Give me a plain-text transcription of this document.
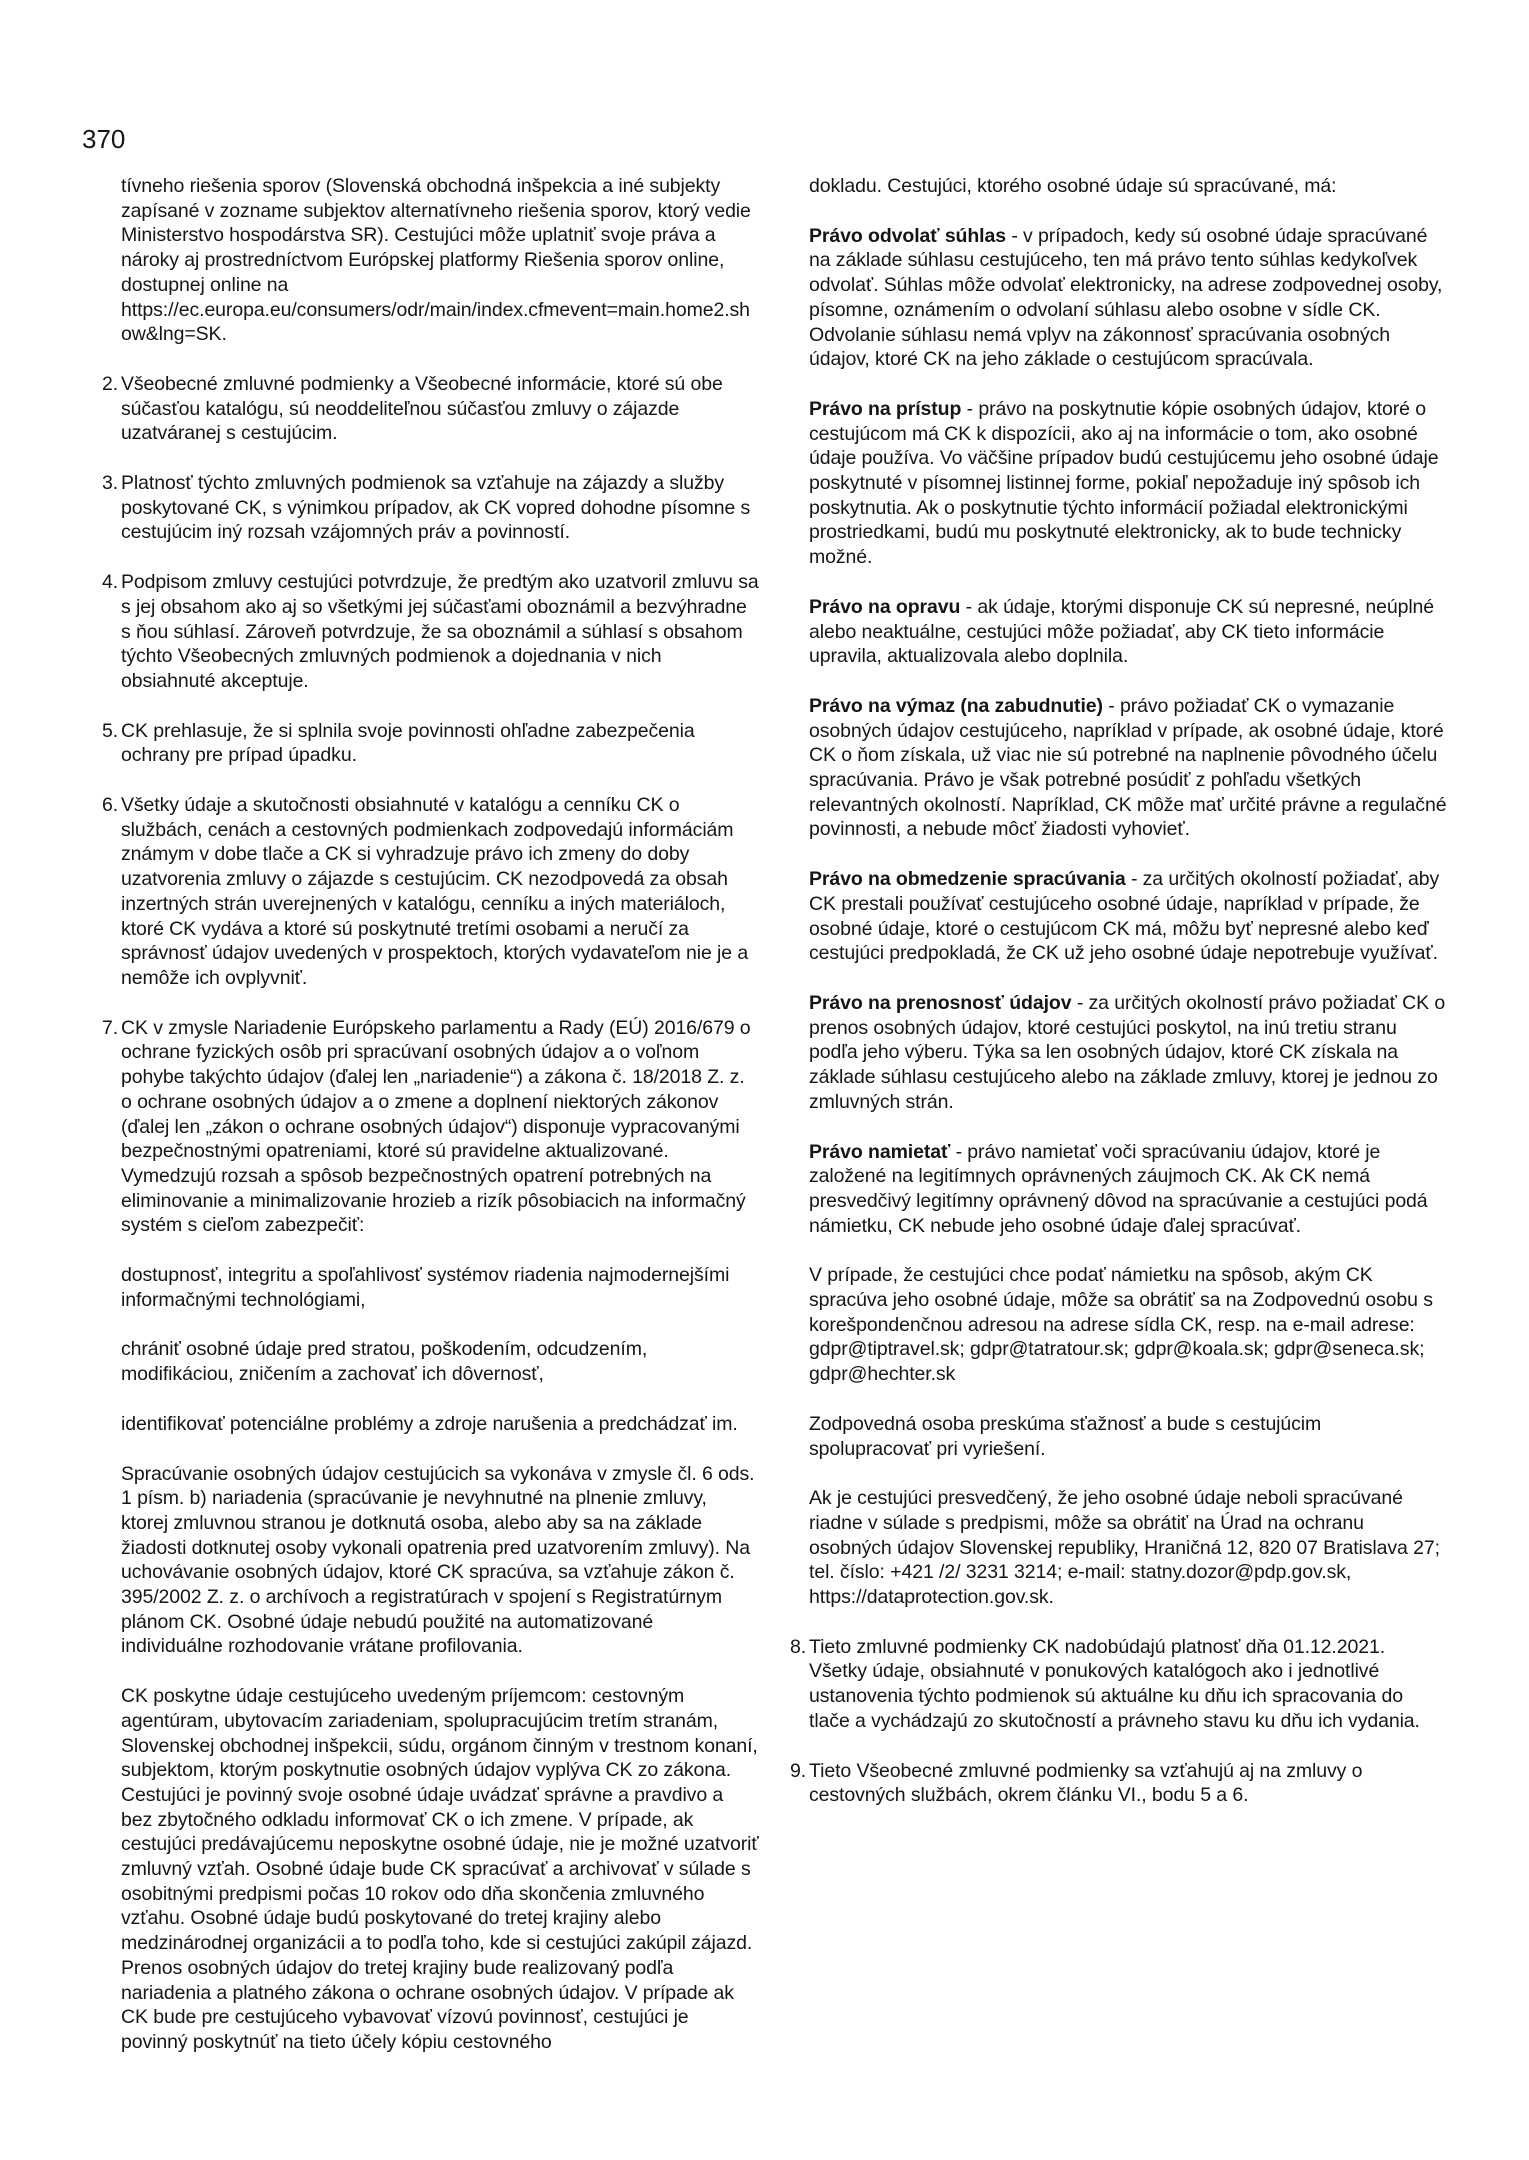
370

tívneho riešenia sporov (Slovenská obchodná inšpekcia a iné subjekty zapísané v zozname subjektov alternatívneho riešenia sporov, ktorý vedie Ministerstvo hospodárstva SR). Cestujúci môže uplatniť svoje práva a nároky aj prostredníctvom Európskej platformy Riešenia sporov online, dostupnej online na https://ec.europa.eu/consumers/odr/main/index.cfmevent=main.home2.show&lng=SK.

2. Všeobecné zmluvné podmienky a Všeobecné informácie, ktoré sú obe súčasťou katalógu, sú neoddeliteľnou súčasťou zmluvy o zájazde uzatváranej s cestujúcim.

3. Platnosť týchto zmluvných podmienok sa vzťahuje na zájazdy a služby poskytované CK, s výnimkou prípadov, ak CK vopred dohodne písomne s cestujúcim iný rozsah vzájomných práv a povinností.

4. Podpisom zmluvy cestujúci potvrdzuje, že predtým ako uzatvoril zmluvu sa s jej obsahom ako aj so všetkými jej súčasťami oboznámil a bezvýhradne s ňou súhlasí. Zároveň potvrdzuje, že sa oboznámil a súhlasí s obsahom týchto Všeobecných zmluvných podmienok a dojednania v nich obsiahnuté akceptuje.

5. CK prehlasuje, že si splnila svoje povinnosti ohľadne zabezpečenia ochrany pre prípad úpadku.

6. Všetky údaje a skutočnosti obsiahnuté v katalógu a cenníku CK o službách, cenách a cestovných podmienkach zodpovedajú informáciám známym v dobe tlače a CK si vyhradzuje právo ich zmeny do doby uzatvorenia zmluvy o zájazde s cestujúcim. CK nezodpovedá za obsah inzertných strán uverejnených v katalógu, cenníku a iných materiáloch, ktoré CK vydáva a ktoré sú poskytnuté tretími osobami a neručí za správnosť údajov uvedených v prospektoch, ktorých vydavateľom nie je a nemôže ich ovplyvniť.

7. CK v zmysle Nariadenie Európskeho parlamentu a Rady (EÚ) 2016/679 o ochrane fyzických osôb pri spracúvaní osobných údajov a o voľnom pohybe takýchto údajov (ďalej len „nariadenie“) a zákona č. 18/2018 Z. z. o ochrane osobných údajov a o zmene a doplnení niektorých zákonov (ďalej len „zákon o ochrane osobných údajov“) disponuje vypracovanými bezpečnostnými opatreniami, ktoré sú pravidelne aktualizované. Vymedzujú rozsah a spôsob bezpečnostných opatrení potrebných na eliminovanie a minimalizovanie hrozieb a rizík pôsobiacich na informačný systém s cieľom zabezpečiť:

dostupnosť, integritu a spoľahlivosť systémov riadenia najmodernejšími informačnými technológiami,

chrániť osobné údaje pred stratou, poškodením, odcudzením, modifikáciou, zničením a zachovať ich dôvernosť,

identifikovať potenciálne problémy a zdroje narušenia a predchádzať im.

Spracúvanie osobných údajov cestujúcich sa vykonáva v zmysle čl. 6 ods. 1 písm. b) nariadenia (spracúvanie je nevyhnutné na plnenie zmluvy, ktorej zmluvnou stranou je dotknutá osoba, alebo aby sa na základe žiadosti dotknutej osoby vykonali opatrenia pred uzatvorením zmluvy). Na uchovávanie osobných údajov, ktoré CK spracúva, sa vzťahuje zákon č. 395/2002 Z. z. o archívoch a registratúrach v spojení s Registratúrnym plánom CK. Osobné údaje nebudú použité na automatizované individuálne rozhodovanie vrátane profilovania.

CK poskytne údaje cestujúceho uvedeným príjemcom: cestovným agentúram, ubytovacím zariadeniam, spolupracujúcim tretím stranám, Slovenskej obchodnej inšpekcii, súdu, orgánom činným v trestnom konaní, subjektom, ktorým poskytnutie osobných údajov vyplýva CK zo zákona. Cestujúci je povinný svoje osobné údaje uvádzať správne a pravdivo a bez zbytočného odkladu informovať CK o ich zmene. V prípade, ak cestujúci predávajúcemu neposkytne osobné údaje, nie je možné uzatvoriť zmluvný vzťah. Osobné údaje bude CK spracúvať a archivovať v súlade s osobitnými predpismi počas 10 rokov odo dňa skončenia zmluvného vzťahu. Osobné údaje budú poskytované do tretej krajiny alebo medzinárodnej organizácii a to podľa toho, kde si cestujúci zakúpil zájazd. Prenos osobných údajov do tretej krajiny bude realizovaný podľa nariadenia a platného zákona o ochrane osobných údajov. V prípade ak CK bude pre cestujúceho vybavovať vízovú povinnosť, cestujúci je povinný poskytnúť na tieto účely kópiu cestovného

dokladu. Cestujúci, ktorého osobné údaje sú spracúvané, má:

Právo odvolať súhlas - v prípadoch, kedy sú osobné údaje spracúvané na základe súhlasu cestujúceho, ten má právo tento súhlas kedykoľvek odvolať. Súhlas môže odvolať elektronicky, na adrese zodpovednej osoby, písomne, oznámením o odvolaní súhlasu alebo osobne v sídle CK. Odvolanie súhlasu nemá vplyv na zákonnosť spracúvania osobných údajov, ktoré CK na jeho základe o cestujúcom spracúvala.

Právo na prístup - právo na poskytnutie kópie osobných údajov, ktoré o cestujúcom má CK k dispozícii, ako aj na informácie o tom, ako osobné údaje používa. Vo väčšine prípadov budú cestujúcemu jeho osobné údaje poskytnuté v písomnej listinnej forme, pokiaľ nepožaduje iný spôsob ich poskytnutia. Ak o poskytnutie týchto informácií požiadal elektronickými prostriedkami, budú mu poskytnuté elektronicky, ak to bude technicky možné.

Právo na opravu - ak údaje, ktorými disponuje CK sú nepresné, neúplné alebo neaktuálne, cestujúci môže požiadať, aby CK tieto informácie upravila, aktualizovala alebo doplnila.

Právo na výmaz (na zabudnutie) - právo požiadať CK o vymazanie osobných údajov cestujúceho, napríklad v prípade, ak osobné údaje, ktoré CK o ňom získala, už viac nie sú potrebné na naplnenie pôvodného účelu spracúvania. Právo je však potrebné posúdiť z pohľadu všetkých relevantných okolností. Napríklad, CK môže mať určité právne a regulačné povinnosti, a nebude môcť žiadosti vyhovieť.

Právo na obmedzenie spracúvania - za určitých okolností požiadať, aby CK prestali používať cestujúceho osobné údaje, napríklad v prípade, že osobné údaje, ktoré o cestujúcom CK má, môžu byť nepresné alebo keď cestujúci predpokladá, že CK už jeho osobné údaje nepotrebuje využívať.

Právo na prenosnosť údajov - za určitých okolností právo požiadať CK o prenos osobných údajov, ktoré cestujúci poskytol, na inú tretiu stranu podľa jeho výberu. Týka sa len osobných údajov, ktoré CK získala na základe súhlasu cestujúceho alebo na základe zmluvy, ktorej je jednou zo zmluvných strán.

Právo namietať - právo namietať voči spracúvaniu údajov, ktoré je založené na legitímnych oprávnených záujmoch CK. Ak CK nemá presvedčivý legitímny oprávnený dôvod na spracúvanie a cestujúci podá námietku, CK nebude jeho osobné údaje ďalej spracúvať.

V prípade, že cestujúci chce podať námietku na spôsob, akým CK spracúva jeho osobné údaje, môže sa obrátiť sa na Zodpovednú osobu s korešpondenčnou adresou na adrese sídla CK, resp. na e-mail adrese: gdpr@tiptravel.sk; gdpr@tatratour.sk; gdpr@koala.sk; gdpr@seneca.sk; gdpr@hechter.sk

Zodpovedná osoba preskúma sťažnosť a bude s cestujúcim spolupracovať pri vyriešení.

Ak je cestujúci presvedčený, že jeho osobné údaje neboli spracúvané riadne v súlade s predpismi, môže sa obrátiť na Úrad na ochranu osobných údajov Slovenskej republiky, Hraničná 12, 820 07 Bratislava 27; tel. číslo: +421 /2/ 3231 3214; e-mail: statny.dozor@pdp.gov.sk, https://dataprotection.gov.sk.

8. Tieto zmluvné podmienky CK nadobúdajú platnosť dňa 01.12.2021. Všetky údaje, obsiahnuté v ponukových katalógoch ako i jednotlivé ustanovenia týchto podmienok sú aktuálne ku dňu ich spracovania do tlače a vychádzajú zo skutočností a právneho stavu ku dňu ich vydania.

9. Tieto Všeobecné zmluvné podmienky sa vzťahujú aj na zmluvy o cestovných službách, okrem článku VI., bodu 5 a 6.
